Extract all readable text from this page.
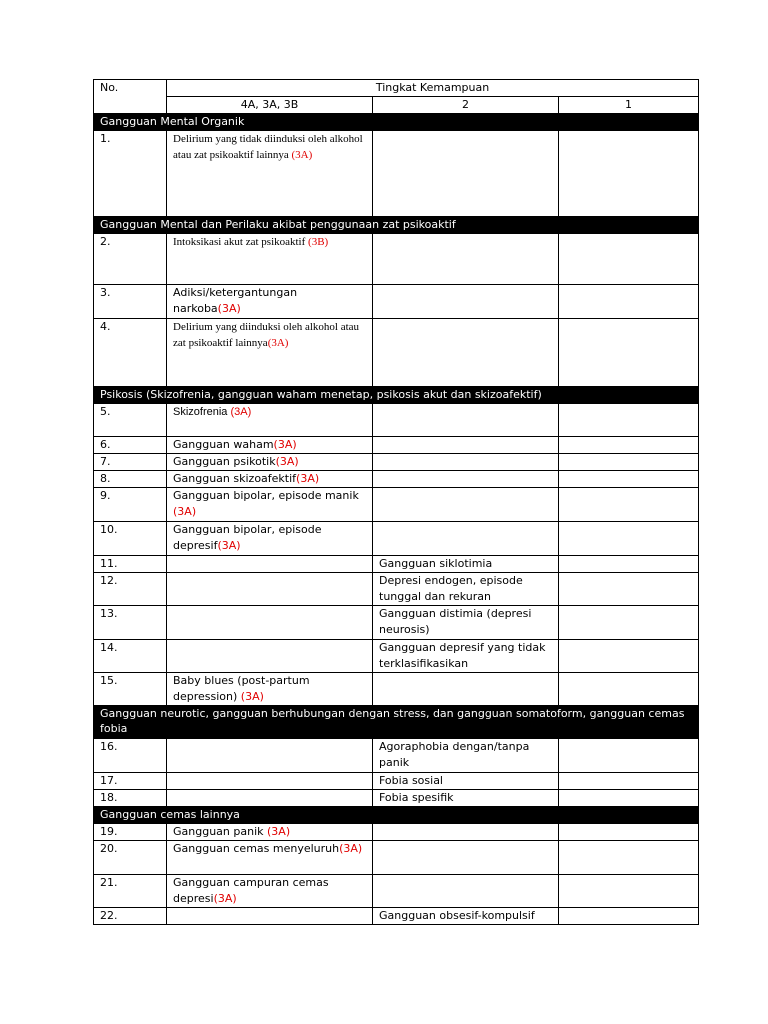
No.	Tingkat Kemampuan		
	4A, 3A, 3B	2	1
Gangguan Mental Organik			
1.	Delirium yang tidak diinduksi oleh alkohol atau zat psikoaktif lainnya (3A)		
Gangguan Mental dan Perilaku akibat penggunaan zat psikoaktif			
2.	Intoksikasi akut zat psikoaktif (3B)		
3.	Adiksi/ketergantungan narkoba(3A)		
4.	Delirium yang diinduksi oleh alkohol atau zat psikoaktif lainnya(3A)		
Psikosis (Skizofrenia, gangguan waham menetap, psikosis akut dan skizoafektif)			
5.	Skizofrenia (3A)		
6.	Gangguan waham(3A)		
7.	Gangguan psikotik(3A)		
8.	Gangguan skizoafektif(3A)		
9.	Gangguan bipolar, episode manik (3A)		
10.	Gangguan bipolar, episode depresif(3A)		
11.		Gangguan siklotimia	
12.		Depresi endogen, episode tunggal dan rekuran	
13.		Gangguan distimia (depresi neurosis)	
14.		Gangguan depresif yang tidak terklasifikasikan	
15.	Baby blues (post-partum depression) (3A)		
Gangguan neurotic, gangguan berhubungan dengan stress, dan gangguan somatoform, gangguan cemas fobia			
16.		Agoraphobia dengan/tanpa panik	
17.		Fobia sosial	
18.		Fobia spesifik	
Gangguan cemas lainnya			
19.	Gangguan panik (3A)		
20.	Gangguan cemas menyeluruh(3A)		
21.	Gangguan campuran cemas depresi(3A)		
22.		Gangguan obsesif-kompulsif	
